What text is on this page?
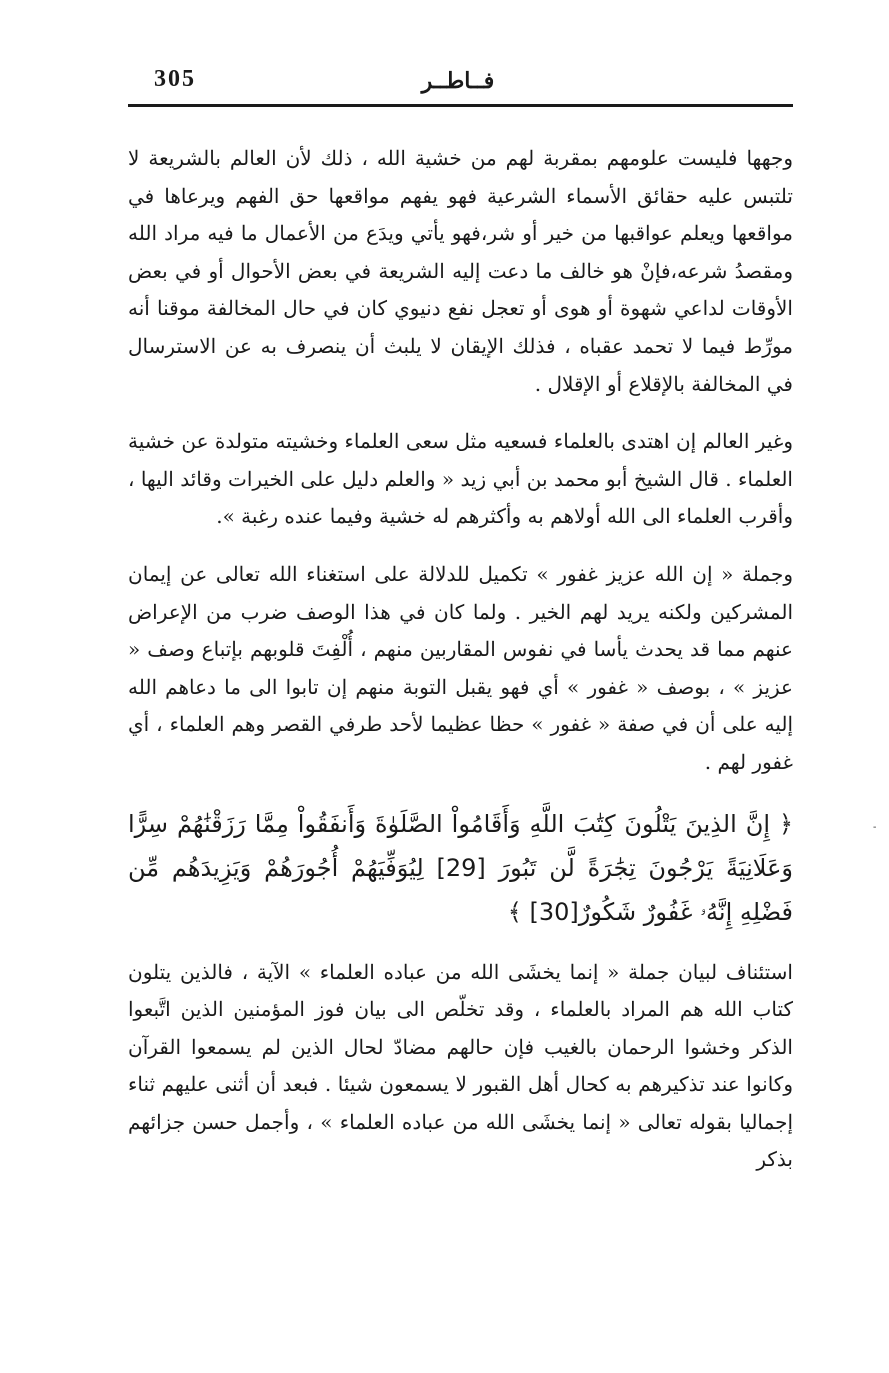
305	فــاطــر

وجهها فليست علومهم بمقربة لهم من خشية الله ، ذلك لأن العالم بالشريعة لا تلتبس عليه حقائق الأسماء الشرعية فهو يفهم مواقعها حق الفهم ويرعاها في مواقعها ويعلم عواقبها من خير أو شر،فهو يأتي ويدَع من الأعمال ما فيه مراد الله ومقصدُ شرعه،فإنْ هو خالف ما دعت إليه الشريعة في بعض الأحوال أو في بعض الأوقات لداعي شهوة أو هوى أو تعجل نفع دنيوي كان في حال المخالفة موقنا أنه مورِّط فيما لا تحمد عقباه ، فذلك الإيقان لا يلبث أن ينصرف به عن الاسترسال في المخالفة بالإقلاع أو الإقلال .

وغير العالم إن اهتدى بالعلماء فسعيه مثل سعى العلماء وخشيته متولدة عن خشية العلماء . قال الشيخ أبو محمد بن أبي زيد « والعلم دليل على الخيرات وقائد اليها ، وأقرب العلماء الى الله أولاهم به وأكثرهم له خشية وفيما عنده رغبة ».

وجملة « إن الله عزيز غفور » تكميل للدلالة على استغناء الله تعالى عن إيمان المشركين ولكنه يريد لهم الخير . ولما كان في هذا الوصف ضرب من الإعراض عنهم مما قد يحدث يأسا في نفوس المقاربين منهم ، أُلْفِتَ قلوبهم بإتباع وصف « عزيز » ، بوصف « غفور » أي فهو يقبل التوبة منهم إن تابوا الى ما دعاهم الله إليه على أن في صفة « غفور » حظا عظيما لأحد طرفي القصر وهم العلماء ، أي غفور لهم .

﴿ إِنَّ الذِينَ يَتْلُونَ كِتَٰبَ اللَّهِ وَأَقَامُواْ الصَّلَوٰةَ وَأَنفَقُواْ مِمَّا رَزَقْنَٰهُمْ سِرًّا وَعَلَانِيَةً يَرْجُونَ تِجَٰرَةً لَّن تَبُورَ [29] لِيُوَفِّيَهُمْ أُجُورَهُمْ وَيَزِيدَهُم مِّن فَضْلِهِ إِنَّهُۥ غَفُورٌ شَكُورٌ[30] ﴾

استئناف لبيان جملة « إنما يخشَى الله من عباده العلماء » الآية ، فالذين يتلون كتاب الله هم المراد بالعلماء ، وقد تخلّص الى بيان فوز المؤمنين الذين اتَّبعوا الذكر وخشوا الرحمان بالغيب فإن حالهم مضادّ لحال الذين لم يسمعوا القرآن وكانوا عند تذكيرهم به كحال أهل القبور لا يسمعون شيئا . فبعد أن أثنى عليهم ثناء إجماليا بقوله تعالى « إنما يخشَى الله من عباده العلماء » ، وأجمل حسن جزائهم بذكر

-
